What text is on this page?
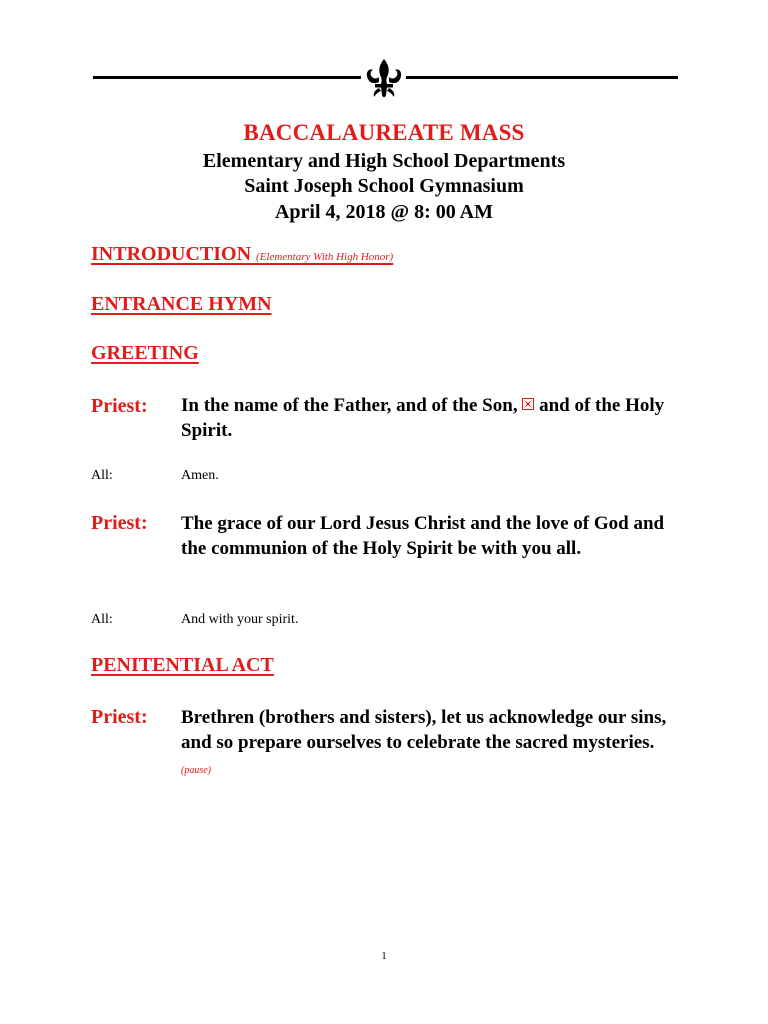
BACCALAUREATE MASS
Elementary and High School Departments
Saint Joseph School Gymnasium
April 4, 2018 @ 8: 00 AM
INTRODUCTION (Elementary With High Honor)
ENTRANCE HYMN
GREETING
Priest: In the name of the Father, and of the Son,  and of the Holy Spirit.
All:	Amen.
Priest: The grace of our Lord Jesus Christ and the love of God and the communion of the Holy Spirit be with you all.
All:	And with your spirit.
PENITENTIAL ACT
Priest: Brethren (brothers and sisters), let us acknowledge our sins, and so prepare ourselves to celebrate the sacred mysteries. (pause)
1
